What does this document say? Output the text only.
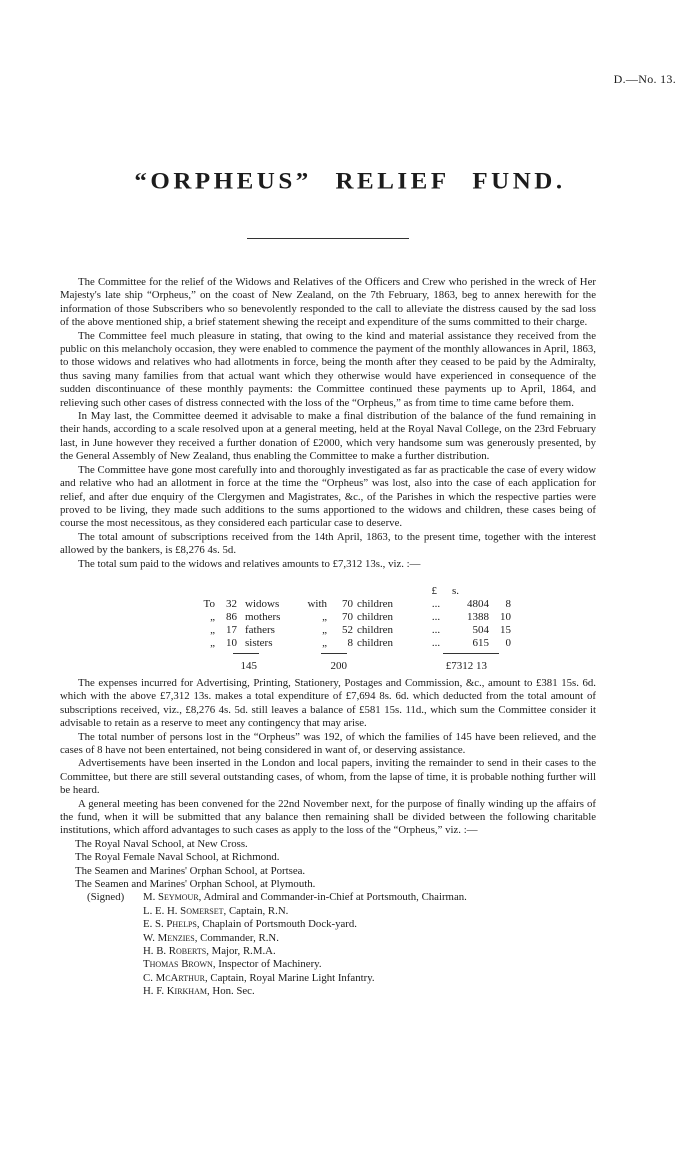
D.—No. 13.
“ORPHEUS” RELIEF FUND.

The Committee for the relief of the Widows and Relatives of the Officers and Crew who perished in the wreck of Her Majesty's late ship “Orpheus,” on the coast of New Zealand, on the 7th February, 1863, beg to annex herewith for the information of those Subscribers who so benevolently responded to the call to alleviate the distress caused by the sad loss of the above mentioned ship, a brief statement shewing the receipt and expenditure of the sums committed to their charge.

The Committee feel much pleasure in stating, that owing to the kind and material assistance they received from the public on this melancholy occasion, they were enabled to commence the payment of the monthly allowances in April, 1863, to those widows and relatives who had allotments in force, being the month after they ceased to be paid by the Admiralty, thus saving many families from that actual want which they otherwise would have experienced in consequence of the sudden discontinuance of these monthly payments: the Committee continued these payments up to April, 1864, and relieving such other cases of distress connected with the loss of the “Orpheus,” as from time to time came before them.

In May last, the Committee deemed it advisable to make a final distribution of the balance of the fund remaining in their hands, according to a scale resolved upon at a general meeting, held at the Royal Naval College, on the 23rd February last, in June however they received a further donation of £2000, which very handsome sum was generously presented, by the General Assembly of New Zealand, thus enabling the Committee to make a further distribution.

The Committee have gone most carefully into and thoroughly investigated as far as practicable the case of every widow and relative who had an allotment in force at the time the “Orpheus” was lost, also into the case of each application for relief, and after due enquiry of the Clergymen and Magistrates, &c., of the Parishes in which the respective parties were proved to be living, they made such additions to the sums apportioned to the widows and children, these cases being of course the most necessitous, as they considered each particular case to deserve.

The total amount of subscriptions received from the 14th April, 1863, to the present time, together with the interest allowed by the bankers, is £8,276 4s. 5d.

The total sum paid to the widows and relatives amounts to £7,312 13s., viz. :—

£	s.
To	32 widows	with	70 children	...	4804	8
„	86 mothers	„	70 children	...	1388	10
„	17 fathers	„	52 children	...	504	15
„	10 sisters	„	8 children	...	615	0
145	200	£7312 13

The expenses incurred for Advertising, Printing, Stationery, Postages and Commission, &c., amount to £381 15s. 6d. which with the above £7,312 13s. makes a total expenditure of £7,694 8s. 6d. which deducted from the total amount of subscriptions received, viz., £8,276 4s. 5d. still leaves a balance of £581 15s. 11d., which sum the Committee consider it advisable to retain as a reserve to meet any contingency that may arise.

The total number of persons lost in the “Orpheus” was 192, of which the families of 145 have been relieved, and the cases of 8 have not been entertained, not being considered in want of, or deserving assistance.

Advertisements have been inserted in the London and local papers, inviting the remainder to send in their cases to the Committee, but there are still several outstanding cases, of whom, from the lapse of time, it is probable nothing further will be heard.

A general meeting has been convened for the 22nd November next, for the purpose of finally winding up the affairs of the fund, when it will be submitted that any balance then remaining shall be divided between the following charitable institutions, which afford advantages to such cases as apply to the loss of the “Orpheus,” viz. :—

The Royal Naval School, at New Cross.
The Royal Female Naval School, at Richmond.
The Seamen and Marines' Orphan School, at Portsea.
The Seamen and Marines' Orphan School, at Plymouth.
(Signed)	M. Seymour, Admiral and Commander-in-Chief at Portsmouth, Chairman.
L. E. H. Somerset, Captain, R.N.
E. S. Phelps, Chaplain of Portsmouth Dock-yard.
W. Menzies, Commander, R.N.
H. B. Roberts, Major, R.M.A.
Thomas Brown, Inspector of Machinery.
C. McArthur, Captain, Royal Marine Light Infantry.
H. F. Kirkham, Hon. Sec.
